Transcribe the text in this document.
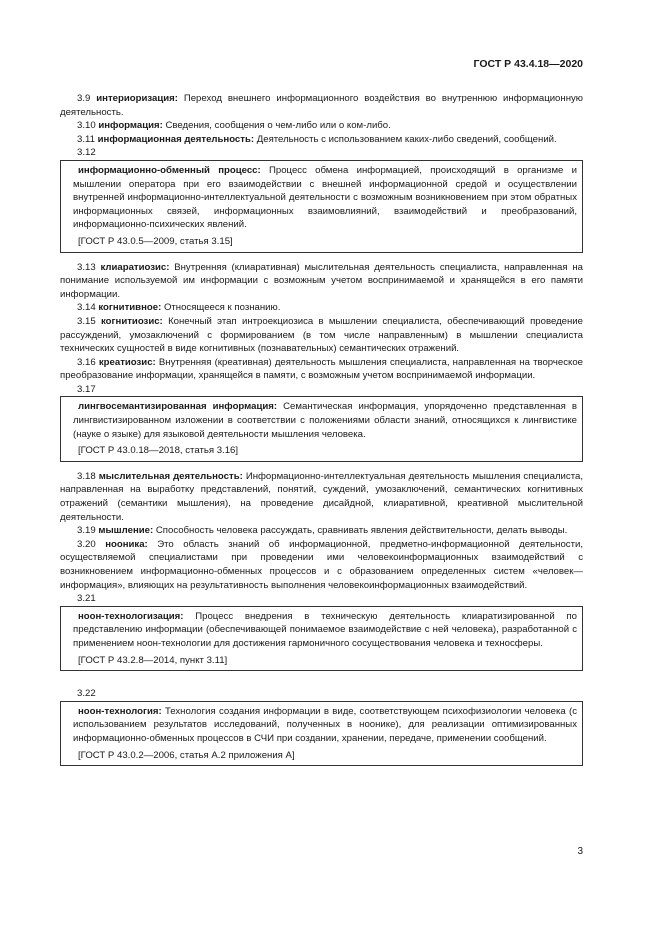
ГОСТ Р 43.4.18—2020

3.9 интериоризация: Переход внешнего информационного воздействия во внутреннюю информационную деятельность.

3.10 информация: Сведения, сообщения о чем-либо или о ком-либо.

3.11 информационная деятельность: Деятельность с использованием каких-либо сведений, сообщений.

3.12

информационно-обменный процесс: Процесс обмена информацией, происходящий в организме и мышлении оператора при его взаимодействии с внешней информационной средой и осуществлении внутренней информационно-интеллектуальной деятельности с возможным возникновением при этом обратных информационных связей, информационных взаимовлияний, взаимодействий и преобразований, информационно-психических явлений.

[ГОСТ Р 43.0.5—2009, статья 3.15]

3.13 клиаратиозис: Внутренняя (клиаративная) мыслительная деятельность специалиста, направленная на понимание используемой им информации с возможным учетом воспринимаемой и хранящейся в его памяти информации.

3.14 когнитивное: Относящееся к познанию.

3.15 когнитиозис: Конечный этап интроекциозиса в мышлении специалиста, обеспечивающий проведение рассуждений, умозаключений с формированием (в том числе направленным) в мышлении специалиста технических сущностей в виде когнитивных (познавательных) семантических отражений.

3.16 креатиозис: Внутренняя (креативная) деятельность мышления специалиста, направленная на творческое преобразование информации, хранящейся в памяти, с возможным учетом воспринимаемой информации.

3.17

лингвосемантизированная информация: Семантическая информация, упорядоченно представленная в лингвистизированном изложении в соответствии с положениями области знаний, относящихся к лингвистике (науке о языке) для языковой деятельности мышления человека.

[ГОСТ Р 43.0.18—2018, статья 3.16]

3.18 мыслительная деятельность: Информационно-интеллектуальная деятельность мышления специалиста, направленная на выработку представлений, понятий, суждений, умозаключений, семантических когнитивных отражений (семантики мышления), на проведение дисайдной, клиаративной, креативной мыслительной деятельности.

3.19 мышление: Способность человека рассуждать, сравнивать явления действительности, делать выводы.

3.20 нооника: Это область знаний об информационной, предметно-информационной деятельности, осуществляемой специалистами при проведении ими человекоинформационных взаимодействий с возникновением информационно-обменных процессов и с образованием определенных систем «человек—информация», влияющих на результативность выполнения человекоинформационных взаимодействий.

3.21

ноон-технологизация: Процесс внедрения в техническую деятельность клиаратизированной по представлению информации (обеспечивающей понимаемое взаимодействие с ней человека), разработанной с применением ноон-технологии для достижения гармоничного сосуществования человека и техносферы.

[ГОСТ Р 43.2.8—2014, пункт 3.11]

3.22

ноон-технология: Технология создания информации в виде, соответствующем психофизиологии человека (с использованием результатов исследований, полученных в ноонике), для реализации оптимизированных информационно-обменных процессов в СЧИ при создании, хранении, передаче, применении сообщений.

[ГОСТ Р 43.0.2—2006, статья А.2 приложения А]

3
